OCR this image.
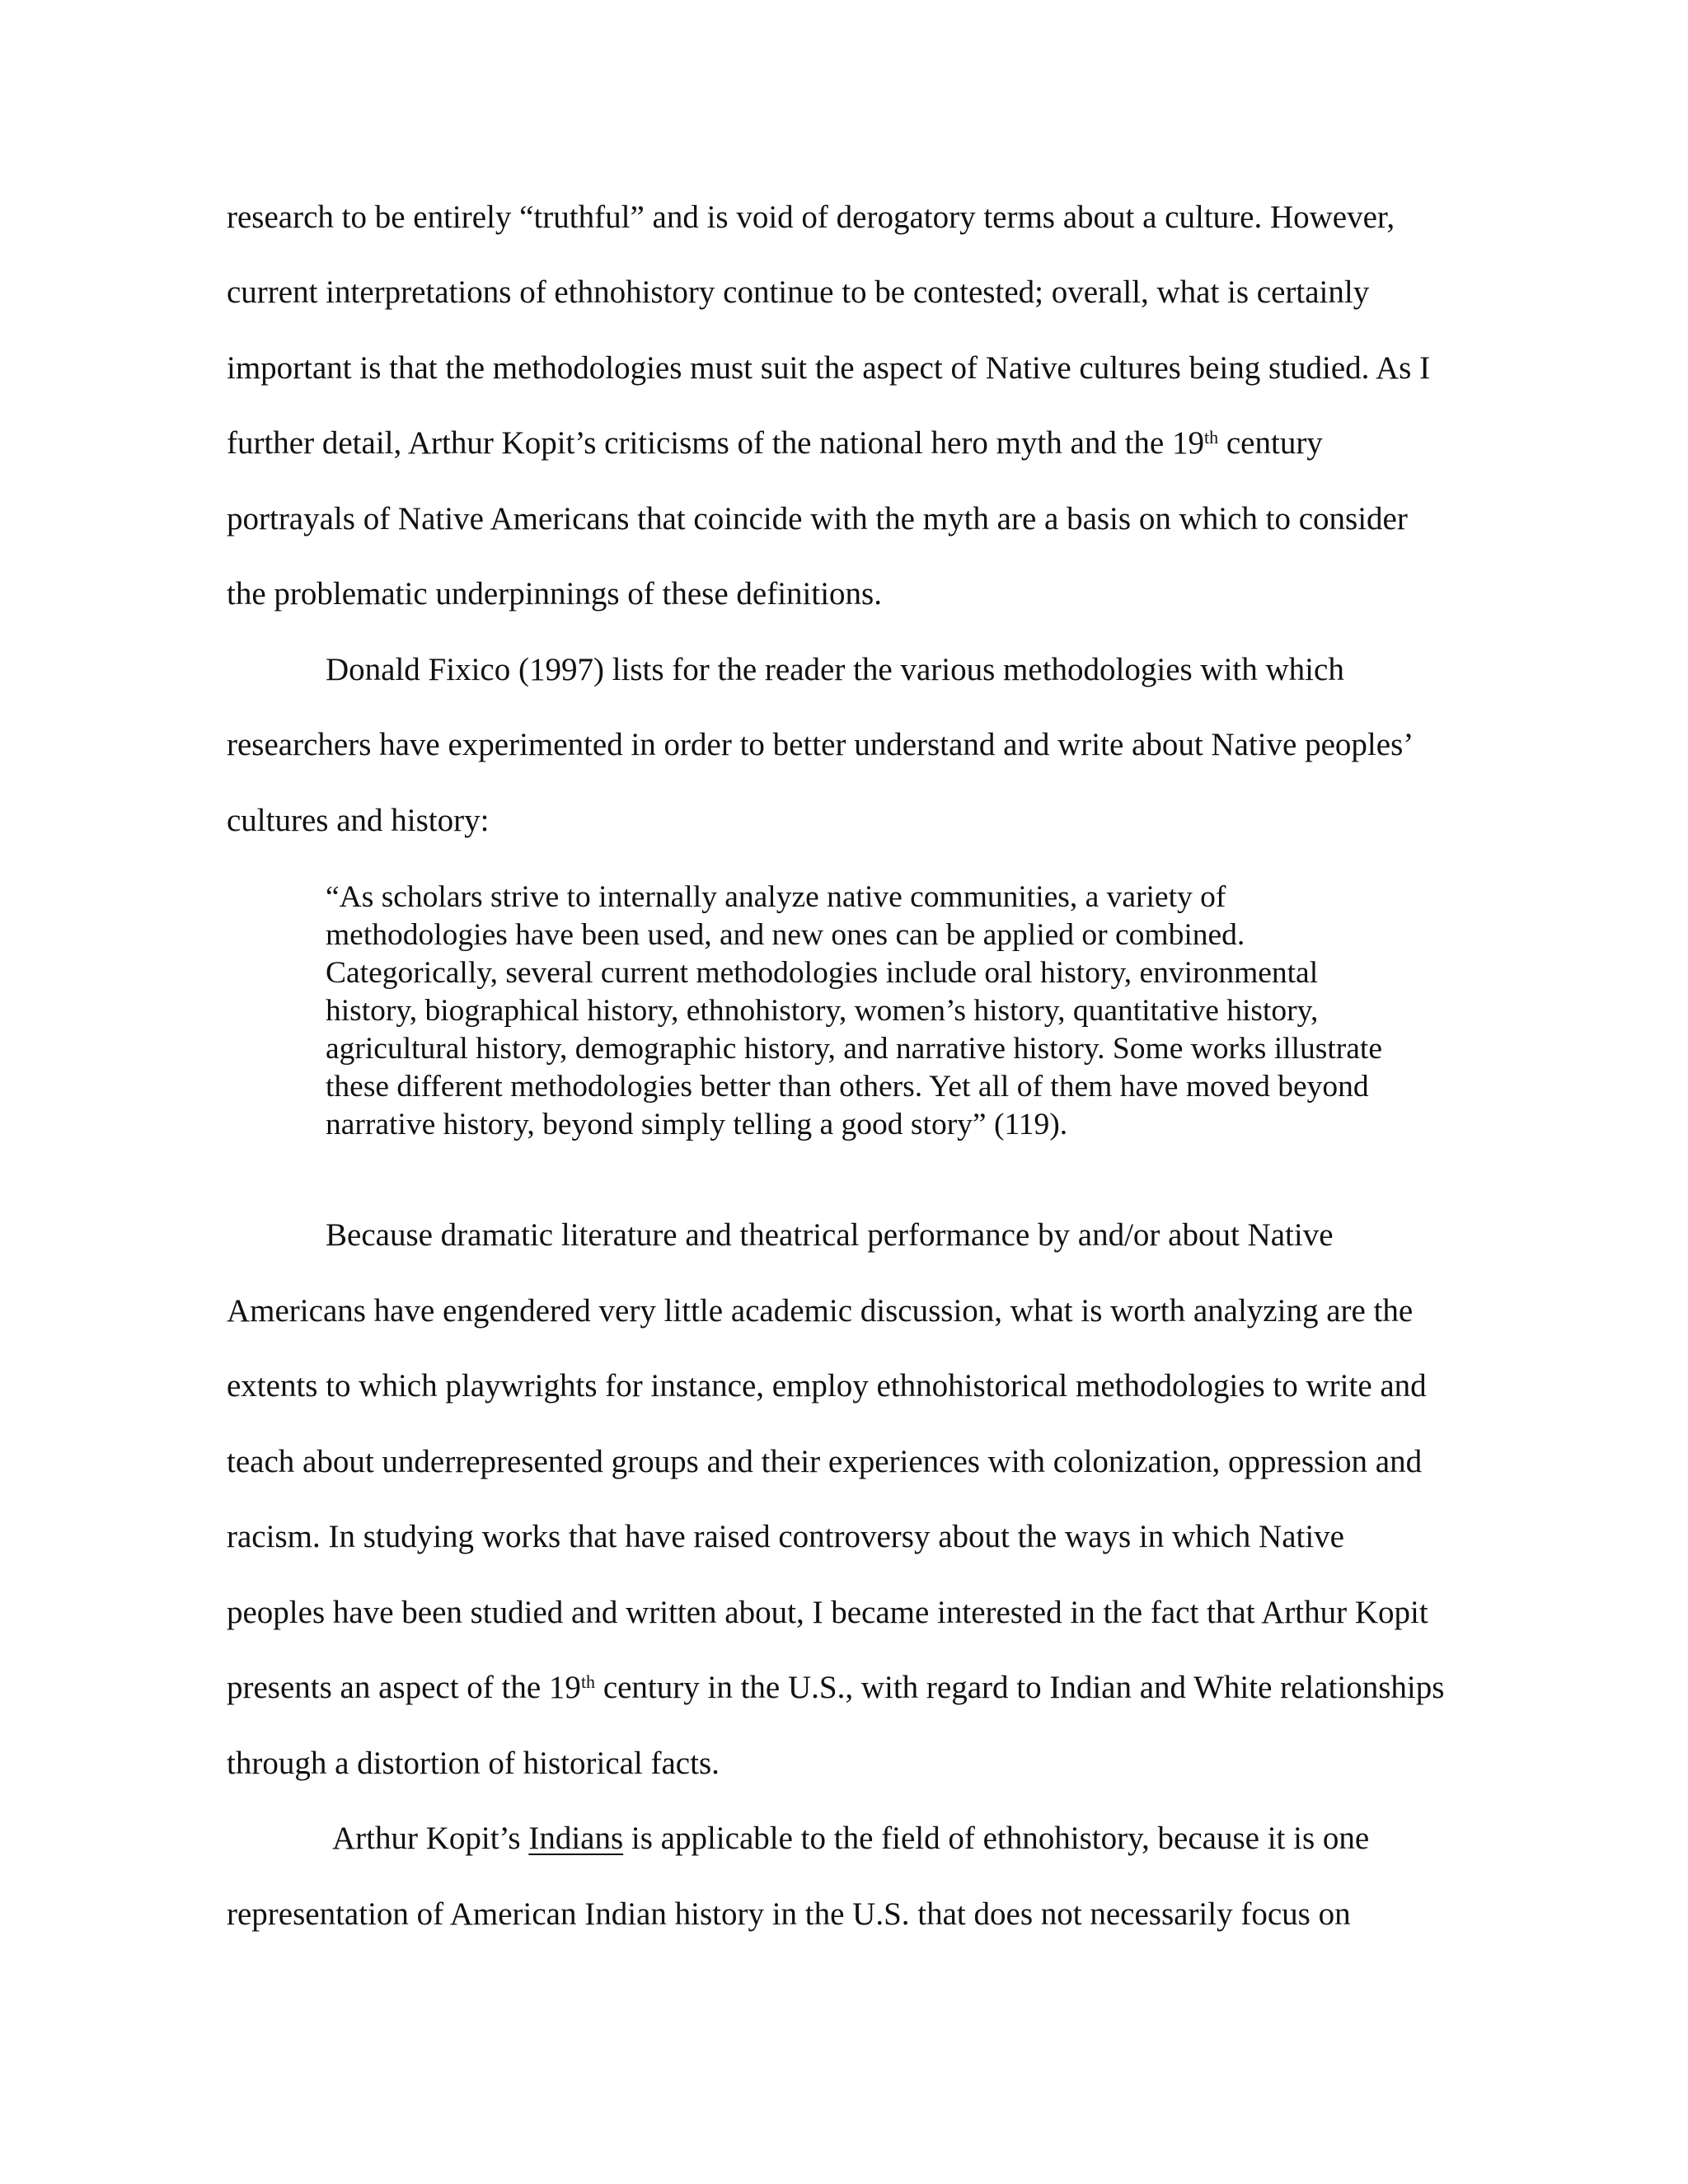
research to be entirely “truthful” and is void of derogatory terms about a culture. However,

current interpretations of ethnohistory continue to be contested; overall, what is certainly

important is that the methodologies must suit the aspect of Native cultures being studied. As I

further detail, Arthur Kopit’s criticisms of the national hero myth and the 19th century

portrayals of Native Americans that coincide with the myth are a basis on which to consider

the problematic underpinnings of these definitions.

Donald Fixico (1997) lists for the reader the various methodologies with which

researchers have experimented in order to better understand and write about Native peoples’

cultures and history:

“As scholars strive to internally analyze native communities, a variety of

methodologies have been used, and new ones can be applied or combined.

Categorically, several current methodologies include oral history, environmental

history, biographical history, ethnohistory, women’s history, quantitative history,

agricultural history, demographic history, and narrative history. Some works illustrate

these different methodologies better than others. Yet all of them have moved beyond

narrative history, beyond simply telling a good story” (119).

Because dramatic literature and theatrical performance by and/or about Native

Americans have engendered very little academic discussion, what is worth analyzing are the

extents to which playwrights for instance, employ ethnohistorical methodologies to write and

teach about underrepresented groups and their experiences with colonization, oppression and

racism. In studying works that have raised controversy about the ways in which Native

peoples have been studied and written about, I became interested in the fact that Arthur Kopit

presents an aspect of the 19th century in the U.S., with regard to Indian and White relationships

through a distortion of historical facts.

Arthur Kopit’s Indians is applicable to the field of ethnohistory, because it is one

representation of American Indian history in the U.S. that does not necessarily focus on
